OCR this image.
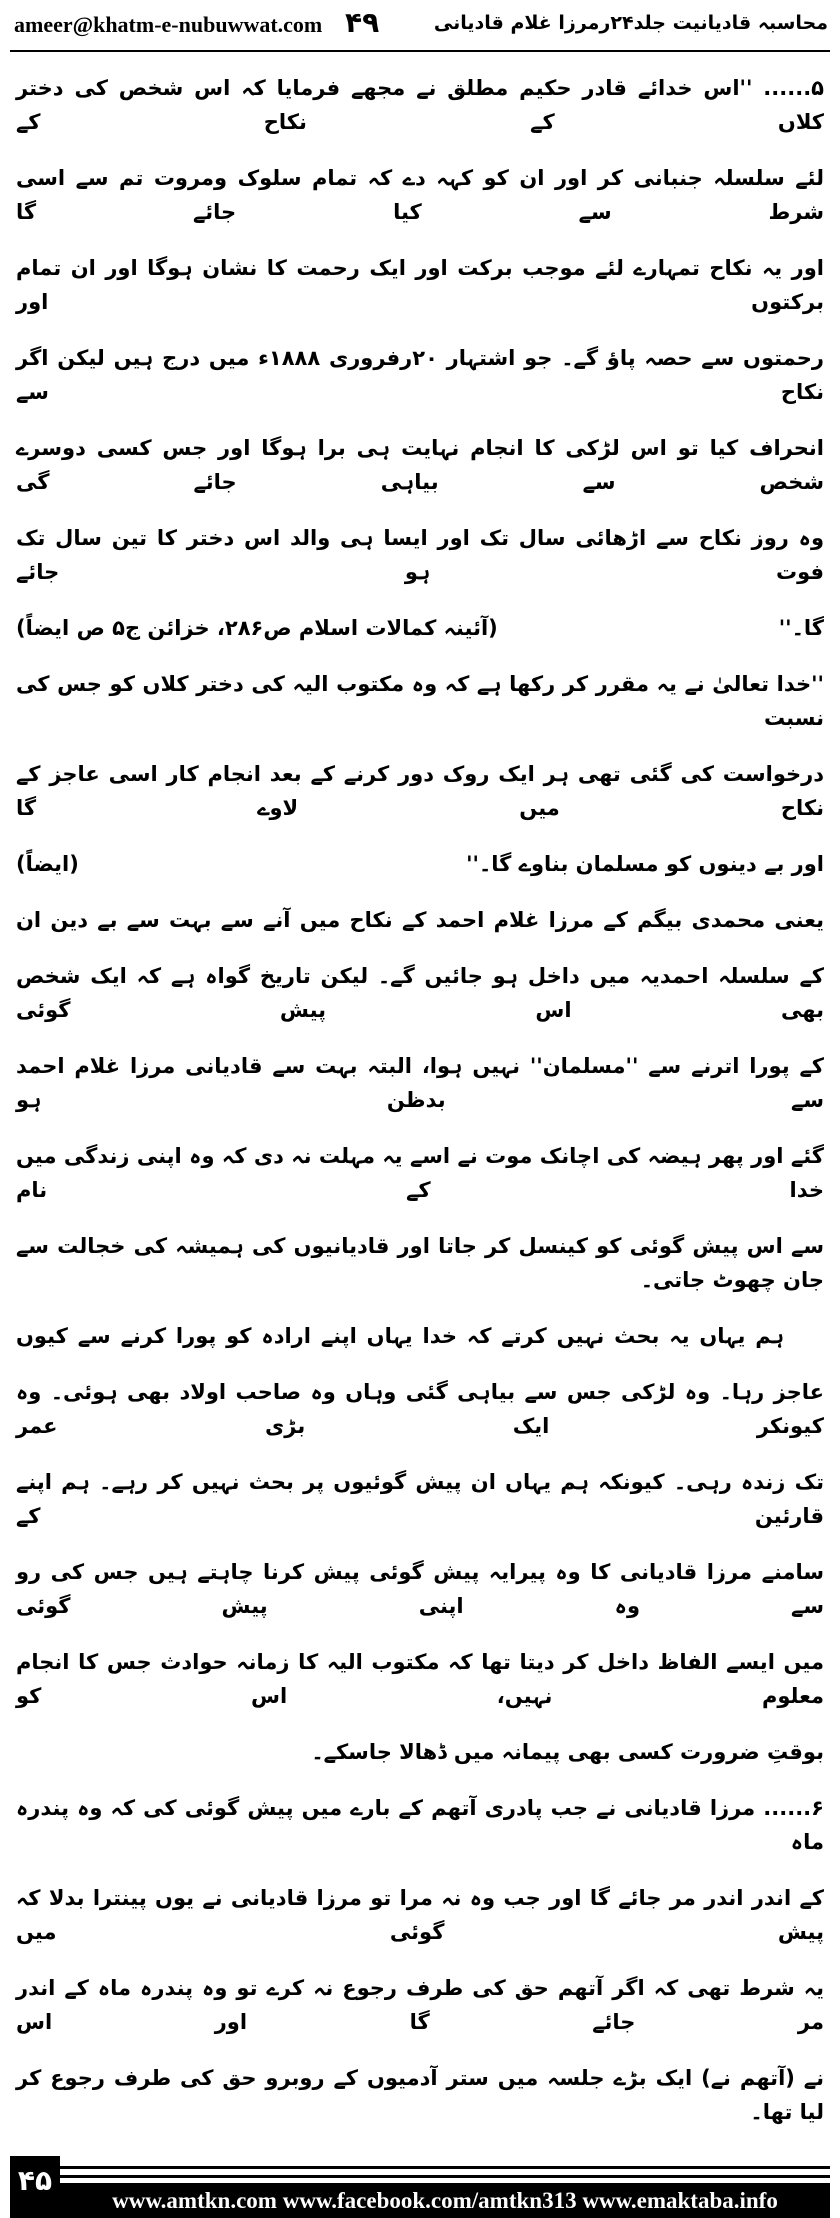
ameer@khatm-e-nubuwwat.com ۴۹	محاسبہ قادیانیت جلد۲۴رمرزا غلام قادیانی
۵...... ''اس خدائے قادر حکیم مطلق نے مجھے فرمایا کہ اس شخص کی دختر کلاں کے نکاح کے
لئے سلسلہ جنبانی کر اور ان کو کہہ دے کہ تمام سلوک ومروت تم سے اسی شرط سے کیا جائے گا
اور یہ نکاح تمہارے لئے موجب برکت اور ایک رحمت کا نشان ہوگا اور ان تمام برکتوں اور
رحمتوں سے حصہ پاؤ گے۔ جو اشتہار ۲۰رفروری ۱۸۸۸ء میں درج ہیں لیکن اگر نکاح سے
انحراف کیا تو اس لڑکی کا انجام نہایت ہی برا ہوگا اور جس کسی دوسرے شخص سے بیاہی جائے گی
وہ روز نکاح سے اڑھائی سال تک اور ایسا ہی والد اس دختر کا تین سال تک فوت ہو جائے
گا۔''
(آئینہ کمالات اسلام ص۲۸۶، خزائن ج۵ ص ایضاً)
''خدا تعالیٰ نے یہ مقرر کر رکھا ہے کہ وہ مکتوب الیہ کی دختر کلاں کو جس کی نسبت
درخواست کی گئی تھی ہر ایک روک دور کرنے کے بعد انجام کار اسی عاجز کے نکاح میں لاوے گا
اور بے دینوں کو مسلمان بناوے گا۔''
(ایضاً)
یعنی محمدی بیگم کے مرزا غلام احمد کے نکاح میں آنے سے بہت سے بے دین ان
کے سلسلہ احمدیہ میں داخل ہو جائیں گے۔ لیکن تاریخ گواہ ہے کہ ایک شخص بھی اس پیش گوئی
کے پورا اترنے سے ''مسلمان'' نہیں ہوا، البتہ بہت سے قادیانی مرزا غلام احمد سے بدظن ہو
گئے اور پھر ہیضہ کی اچانک موت نے اسے یہ مہلت نہ دی کہ وہ اپنی زندگی میں خدا کے نام
سے اس پیش گوئی کو کینسل کر جاتا اور قادیانیوں کی ہمیشہ کی خجالت سے جان چھوٹ جاتی۔
ہم یہاں یہ بحث نہیں کرتے کہ خدا یہاں اپنے ارادہ کو پورا کرنے سے کیوں
عاجز رہا۔ وہ لڑکی جس سے بیاہی گئی وہاں وہ صاحب اولاد بھی ہوئی۔ وہ کیونکر ایک بڑی عمر
تک زندہ رہی۔ کیونکہ ہم یہاں ان پیش گوئیوں پر بحث نہیں کر رہے۔ ہم اپنے قارئین کے
سامنے مرزا قادیانی کا وہ پیرایہ پیش گوئی پیش کرنا چاہتے ہیں جس کی رو سے وہ اپنی پیش گوئی
میں ایسے الفاظ داخل کر دیتا تھا کہ مکتوب الیہ کا زمانہ حوادث جس کا انجام معلوم نہیں، اس کو
بوقتِ ضرورت کسی بھی پیمانہ میں ڈھالا جاسکے۔
۶...... مرزا قادیانی نے جب پادری آتھم کے بارے میں پیش گوئی کی کہ وہ پندرہ ماہ
کے اندر اندر مر جائے گا اور جب وہ نہ مرا تو مرزا قادیانی نے یوں پینترا بدلا کہ پیش گوئی میں
یہ شرط تھی کہ اگر آتھم حق کی طرف رجوع نہ کرے تو وہ پندرہ ماہ کے اندر مر جائے گا اور اس
نے (آتھم نے) ایک بڑے جلسہ میں ستر آدمیوں کے روبرو حق کی طرف رجوع کر لیا تھا۔
۴۵
www.amtkn.com www.facebook.com/amtkn313 www.emaktaba.info
